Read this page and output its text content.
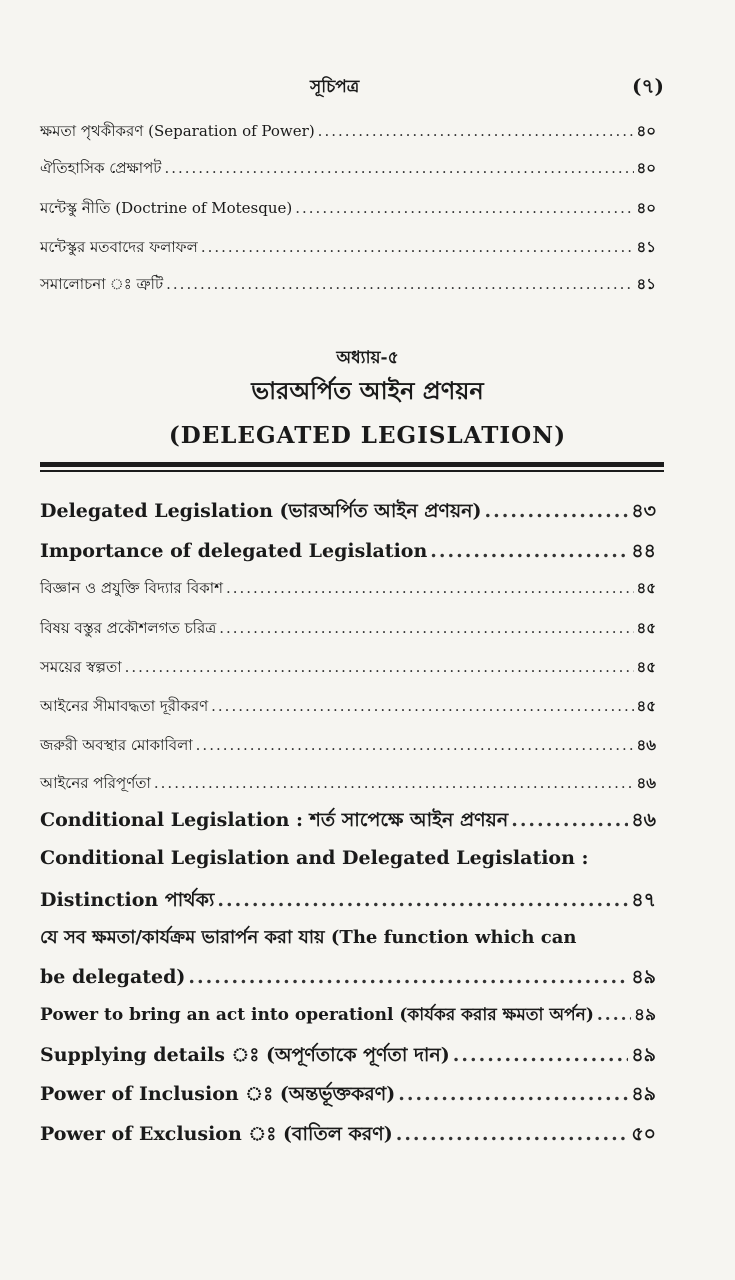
সূচিপত্র	(৭)
ক্ষমতা পৃথকীকরণ (Separation of Power) .....	৪০
ঐতিহাসিক প্রেক্ষাপট .....	৪০
মন্টেস্কু নীতি (Doctrine of Motesque) .....	৪০
মন্টেস্কুর মতবাদের ফলাফল .....	৪১
সমালোচনা ঃ ত্রুটি .....	৪১
অধ্যায়-৫
ভারঅর্পিত আইন প্রণয়ন
(DELEGATED LEGISLATION)
Delegated Legislation (ভারঅর্পিত আইন প্রণয়ন) .....	৪৩
Importance of delegated Legislation .....	৪৪
বিজ্ঞান ও প্রযুক্তি বিদ্যার বিকাশ .....	৪৫
বিষয় বস্তুর প্রকৌশলগত চরিত্র .....	৪৫
সময়ের স্বল্পতা .....	৪৫
আইনের সীমাবদ্ধতা দূরীকরণ .....	৪৫
জরুরী অবস্থার মোকাবিলা .....	৪৬
আইনের পরিপূর্ণতা .....	৪৬
Conditional Legislation : শর্ত সাপেক্ষে আইন প্রণয়ন .....	৪৬
Conditional Legislation and Delegated Legislation :
Distinction পার্থক্য .....	৪৭
যে সব ক্ষমতা/কার্যক্রম ভারার্পন করা যায় (The function which can
be delegated) .....	৪৯
Power to bring an act into operationl (কার্যকর করার ক্ষমতা অর্পন) ..... ৪৯
Supplying details ঃ (অপূর্ণতাকে পূর্ণতা দান) .....	৪৯
Power of Inclusion ঃ (অন্তর্ভূক্তকরণ) .....	৪৯
Power of Exclusion ঃ (বাতিল করণ) .....	৫০
